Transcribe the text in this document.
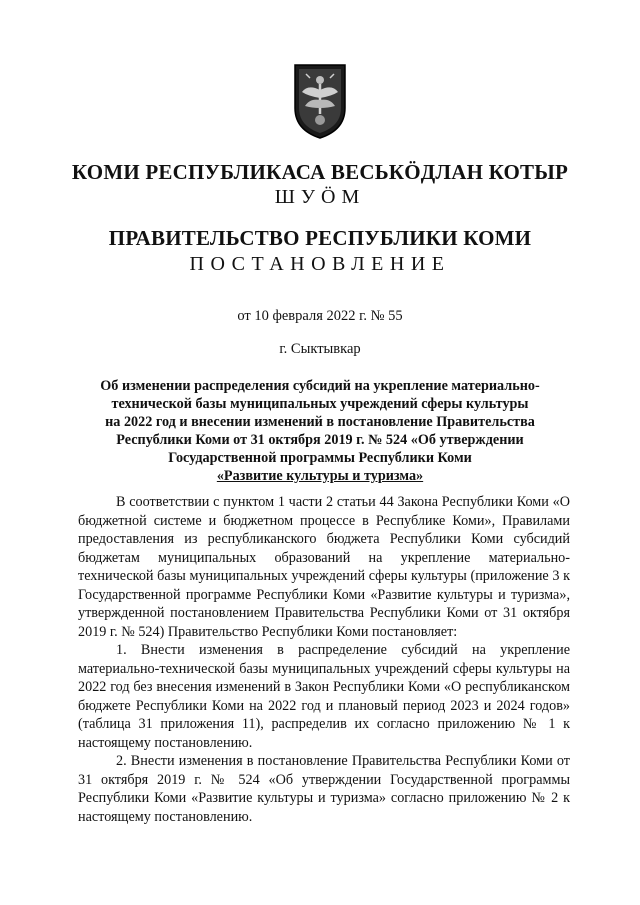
КОМИ РЕСПУБЛИКАСА ВЕСЬКÖДЛАН КОТЫР
ШУÖМ
ПРАВИТЕЛЬСТВО РЕСПУБЛИКИ КОМИ
ПОСТАНОВЛЕНИЕ
от 10 февраля 2022 г. № 55
г. Сыктывкар
Об изменении распределения субсидий на укрепление материально-
технической базы муниципальных учреждений сферы культуры
на 2022 год и внесении изменений в постановление Правительства
Республики Коми от 31 октября 2019 г. № 524 «Об утверждении
Государственной программы Республики Коми
«Развитие культуры и туризма»

В соответствии с пунктом 1 части 2 статьи 44 Закона Республики Коми «О бюджетной системе и бюджетном процессе в Республике Коми», Правилами предоставления из республиканского бюджета Республики Коми субсидий бюджетам муниципальных образований на укрепление материально-технической базы муниципальных учреждений сферы культуры (приложение 3 к Государственной программе Республики Коми «Развитие культуры и туризма», утвержденной постановлением Правительства Республики Коми от 31 октября 2019 г. № 524) Правительство Республики Коми постановляет:

1. Внести изменения в распределение субсидий на укрепление материально-технической базы муниципальных учреждений сферы культуры на 2022 год без внесения изменений в Закон Республики Коми «О республиканском бюджете Республики Коми на 2022 год и плановый период 2023 и 2024 годов» (таблица 31 приложения 11), распределив их согласно приложению № 1 к настоящему постановлению.

2. Внести изменения в постановление Правительства Республики Коми от 31 октября 2019 г. № 524 «Об утверждении Государственной программы Республики Коми «Развитие культуры и туризма» согласно приложению № 2 к настоящему постановлению.
